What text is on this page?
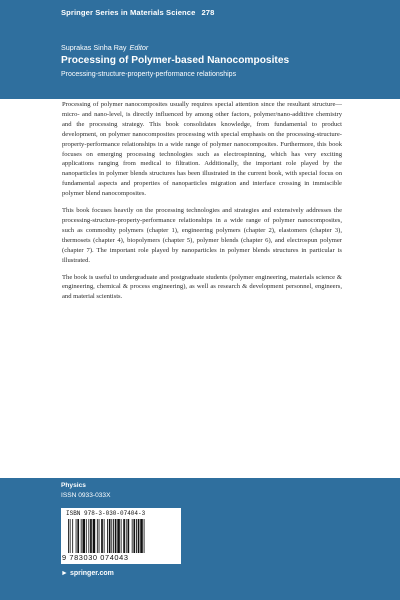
Springer Series in Materials Science 278
Suprakas Sinha Ray Editor
Processing of Polymer-based Nanocomposites
Processing-structure-property-performance relationships

Processing of polymer nanocomposites usually requires special attention since the resultant structure—micro- and nano-level, is directly influenced by among other factors, polymer/nano-additive chemistry and the processing strategy. This book consolidates knowledge, from fundamental to product development, on polymer nanocomposites processing with special emphasis on the processing-structure-property-performance relationships in a wide range of polymer nanocomposites. Furthermore, this book focuses on emerging processing technologies such as electrospinning, which has very exciting applications ranging from medical to filtration. Additionally, the important role played by the nanoparticles in polymer blends structures has been illustrated in the current book, with special focus on fundamental aspects and properties of nanoparticles migration and interface crossing in immiscible polymer blend nanocomposites.

This book focuses heavily on the processing technologies and strategies and extensively addresses the processing-structure-property-performance relationships in a wide range of polymer nanocomposites, such as commodity polymers (chapter 1), engineering polymers (chapter 2), elastomers (chapter 3), thermosets (chapter 4), biopolymers (chapter 5), polymer blends (chapter 6), and electrospun polymer (chapter 7). The important role played by nanoparticles in polymer blends structures in particular is illustrated.

The book is useful to undergraduate and postgraduate students (polymer engineering, materials science & engineering, chemical & process engineering), as well as research & development personnel, engineers, and material scientists.

Physics
ISSN 0933-033X
ISBN 978-3-030-07404-3
9 783030 074043
► springer.com
